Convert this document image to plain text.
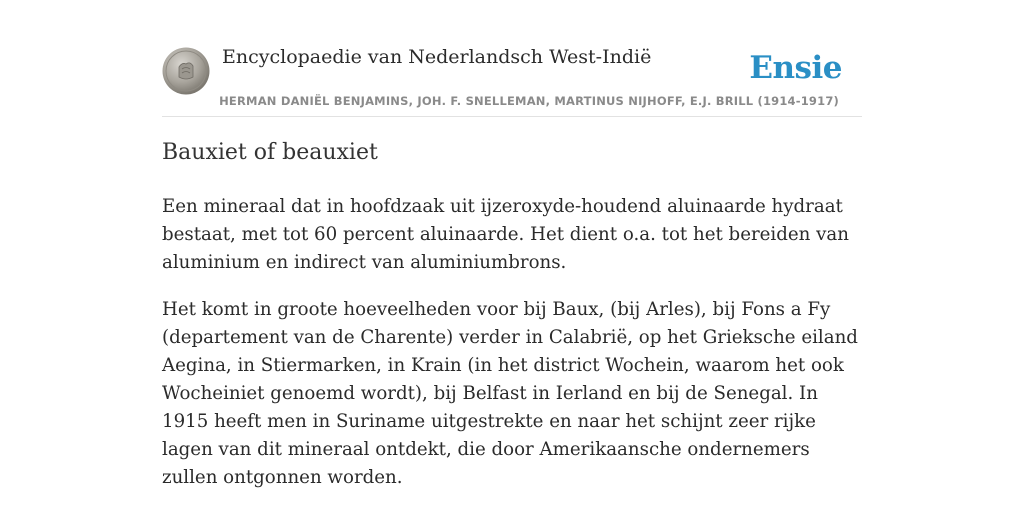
Encyclopaedie van Nederlandsch West-Indië	Ensie
HERMAN DANIËL BENJAMINS, JOH. F. SNELLEMAN, MARTINUS NIJHOFF, E.J. BRILL (1914-1917)
Bauxiet of beauxiet

Een mineraal dat in hoofdzaak uit ijzeroxyde-houdend aluinaarde hydraat bestaat, met tot 60 percent aluinaarde. Het dient o.a. tot het bereiden van aluminium en indirect van aluminiumbrons.

Het komt in groote hoeveelheden voor bij Baux, (bij Arles), bij Fons a Fy (departement van de Charente) verder in Calabrië, op het Grieksche eiland Aegina, in Stiermarken, in Krain (in het district Wochein, waarom het ook Wocheiniet genoemd wordt), bij Belfast in Ierland en bij de Senegal. In 1915 heeft men in Suriname uitgestrekte en naar het schijnt zeer rijke lagen van dit mineraal ontdekt, die door Amerikaansche ondernemers zullen ontgonnen worden.
